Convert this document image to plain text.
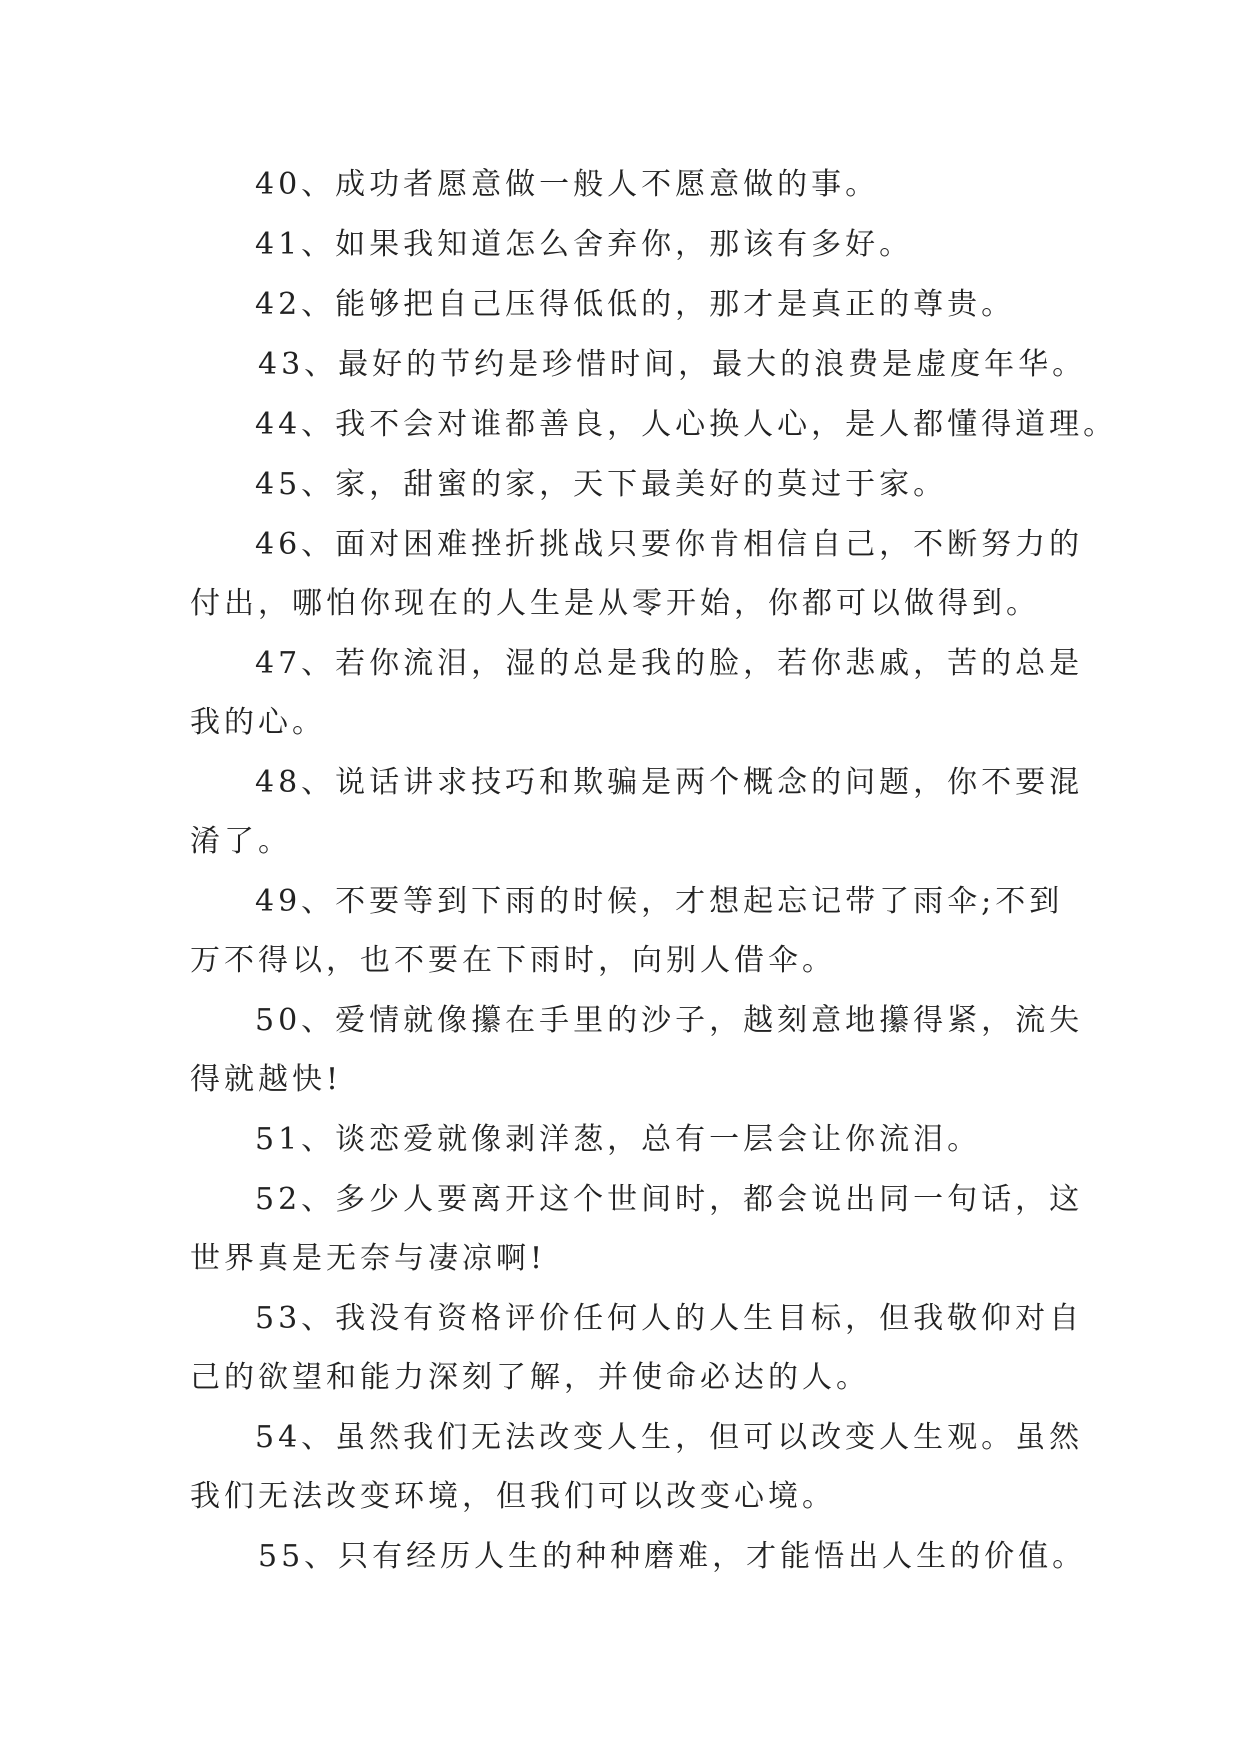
40、成功者愿意做一般人不愿意做的事。

41、如果我知道怎么舍弃你，那该有多好。

42、能够把自己压得低低的，那才是真正的尊贵。

43、最好的节约是珍惜时间，最大的浪费是虚度年华。

44、我不会对谁都善良，人心换人心，是人都懂得道理。

45、家，甜蜜的家，天下最美好的莫过于家。

46、面对困难挫折挑战只要你肯相信自己，不断努力的

付出，哪怕你现在的人生是从零开始，你都可以做得到。

47、若你流泪，湿的总是我的脸，若你悲戚，苦的总是

我的心。

48、说话讲求技巧和欺骗是两个概念的问题，你不要混

淆了。

49、不要等到下雨的时候，才想起忘记带了雨伞;不到

万不得以，也不要在下雨时，向别人借伞。

50、爱情就像攥在手里的沙子，越刻意地攥得紧，流失

得就越快!

51、谈恋爱就像剥洋葱，总有一层会让你流泪。

52、多少人要离开这个世间时，都会说出同一句话，这

世界真是无奈与凄凉啊!

53、我没有资格评价任何人的人生目标，但我敬仰对自

己的欲望和能力深刻了解，并使命必达的人。

54、虽然我们无法改变人生，但可以改变人生观。虽然

我们无法改变环境，但我们可以改变心境。

55、只有经历人生的种种磨难，才能悟出人生的价值。
